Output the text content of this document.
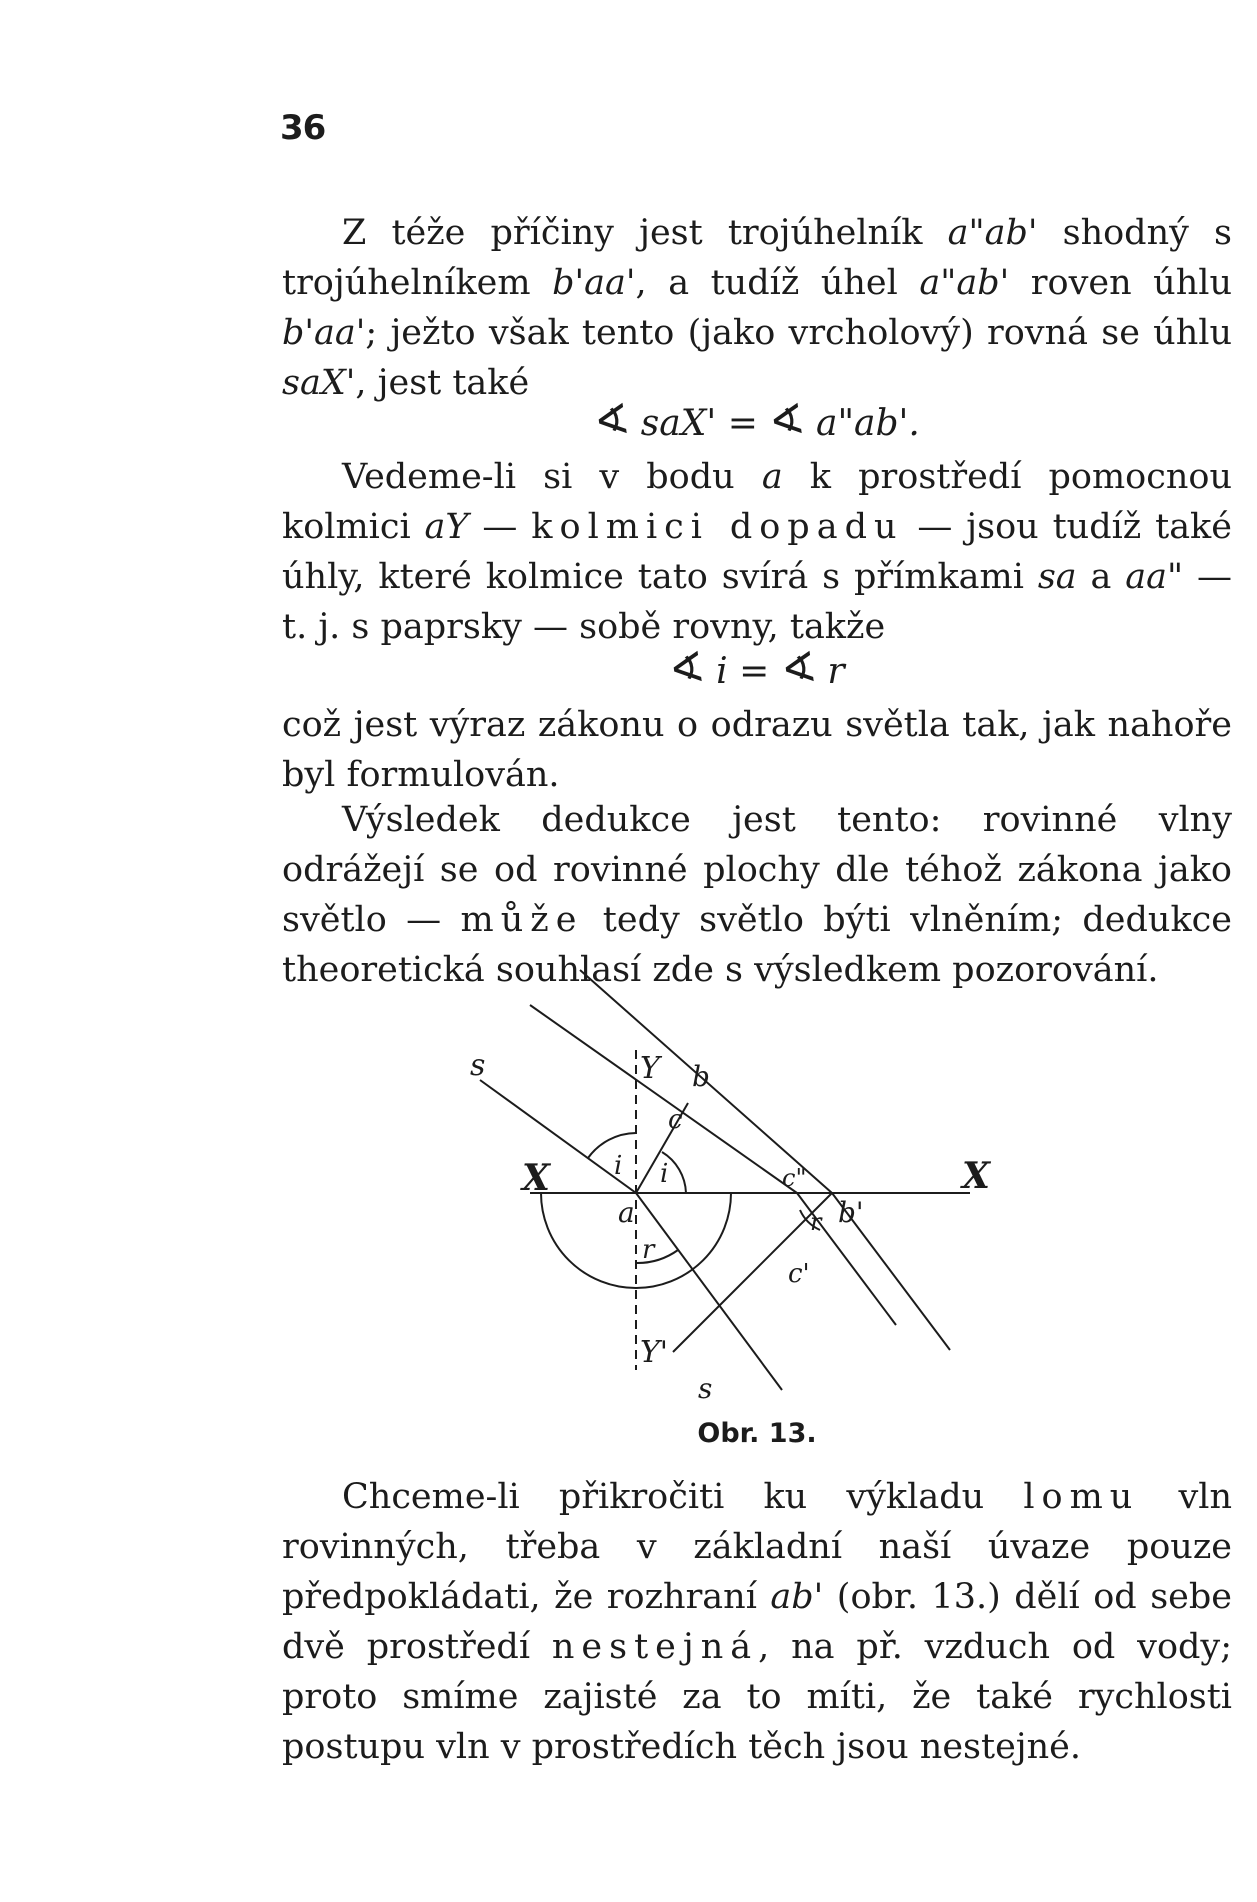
36

Z téže příčiny jest trojúhelník a"ab' shodný s trojúhelníkem b'aa', a tudíž úhel a"ab' roven úhlu b'aa'; ježto však tento (jako vrcholový) rovná se úhlu saX', jest také

∢ saX' = ∢ a"ab'.

Vedeme-li si v bodu a k prostředí pomocnou kolmici aY — kolmici dopadu — jsou tudíž také úhly, které kolmice tato svírá s přímkami sa a aa" — t. j. s paprsky — sobě rovny, takže

∢ i = ∢ r

což jest výraz zákonu o odrazu světla tak, jak nahoře byl formulován.

Výsledek dedukce jest tento: rovinné vlny odrážejí se od rovinné plochy dle téhož zákona jako světlo — může tedy světlo býti vlněním; dedukce theoretická souhlasí zde s výsledkem pozorování.

s
s
X	X
Y
Y'
a
b
b'
c
c"
c'
i i
r
r
Obr. 13.

Chceme-li přikročiti ku výkladu lomu vln rovinných, třeba v základní naší úvaze pouze předpokládati, že rozhraní ab' (obr. 13.) dělí od sebe dvě prostředí nestejná, na př. vzduch od vody; proto smíme zajisté za to míti, že také rychlosti postupu vln v prostředích těch jsou nestejné.
